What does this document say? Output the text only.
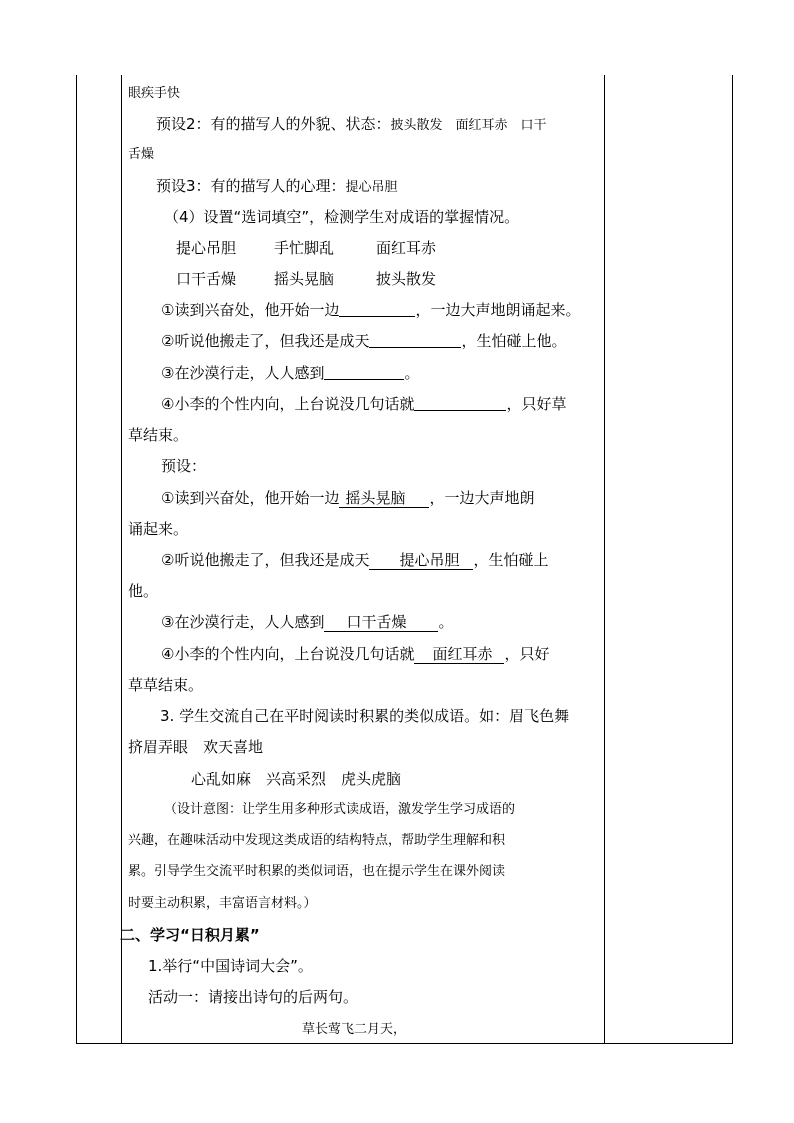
眼疾手快
预设2：有的描写人的外貌、状态：披头散发　面红耳赤　口干
舌燥
预设3：有的描写人的心理：提心吊胆
（4）设置“选词填空”，检测学生对成语的掌握情况。
提心吊胆	手忙脚乱	面红耳赤
口干舌燥	摇头晃脑	披头散发
①读到兴奋处，他开始一边	，一边大声地朗诵起来。
②听说他搬走了，但我还是成天	，生怕碰上他。
③在沙漠行走，人人感到	。
④小李的个性内向，上台说没几句话就	，只好草
草结束。
预设：
①读到兴奋处，他开始一边 摇头晃脑 ，一边大声地朗
诵起来。
②听说他搬走了，但我还是成天 提心吊胆 ，生怕碰上
他。
③在沙漠行走，人人感到 口干舌燥 。
④小李的个性内向，上台说没几句话就 面红耳赤 ，只好
草草结束。
3. 学生交流自己在平时阅读时积累的类似成语。如：眉飞色舞
挤眉弄眼　欢天喜地
心乱如麻　兴高采烈　虎头虎脑
（设计意图：让学生用多种形式读成语，激发学生学习成语的
兴趣，在趣味活动中发现这类成语的结构特点，帮助学生理解和积
累。引导学生交流平时积累的类似词语，也在提示学生在课外阅读
时要主动积累，丰富语言材料。）
二、学习“日积月累”
1.举行“中国诗词大会”。
活动一：请接出诗句的后两句。
草长莺飞二月天，
